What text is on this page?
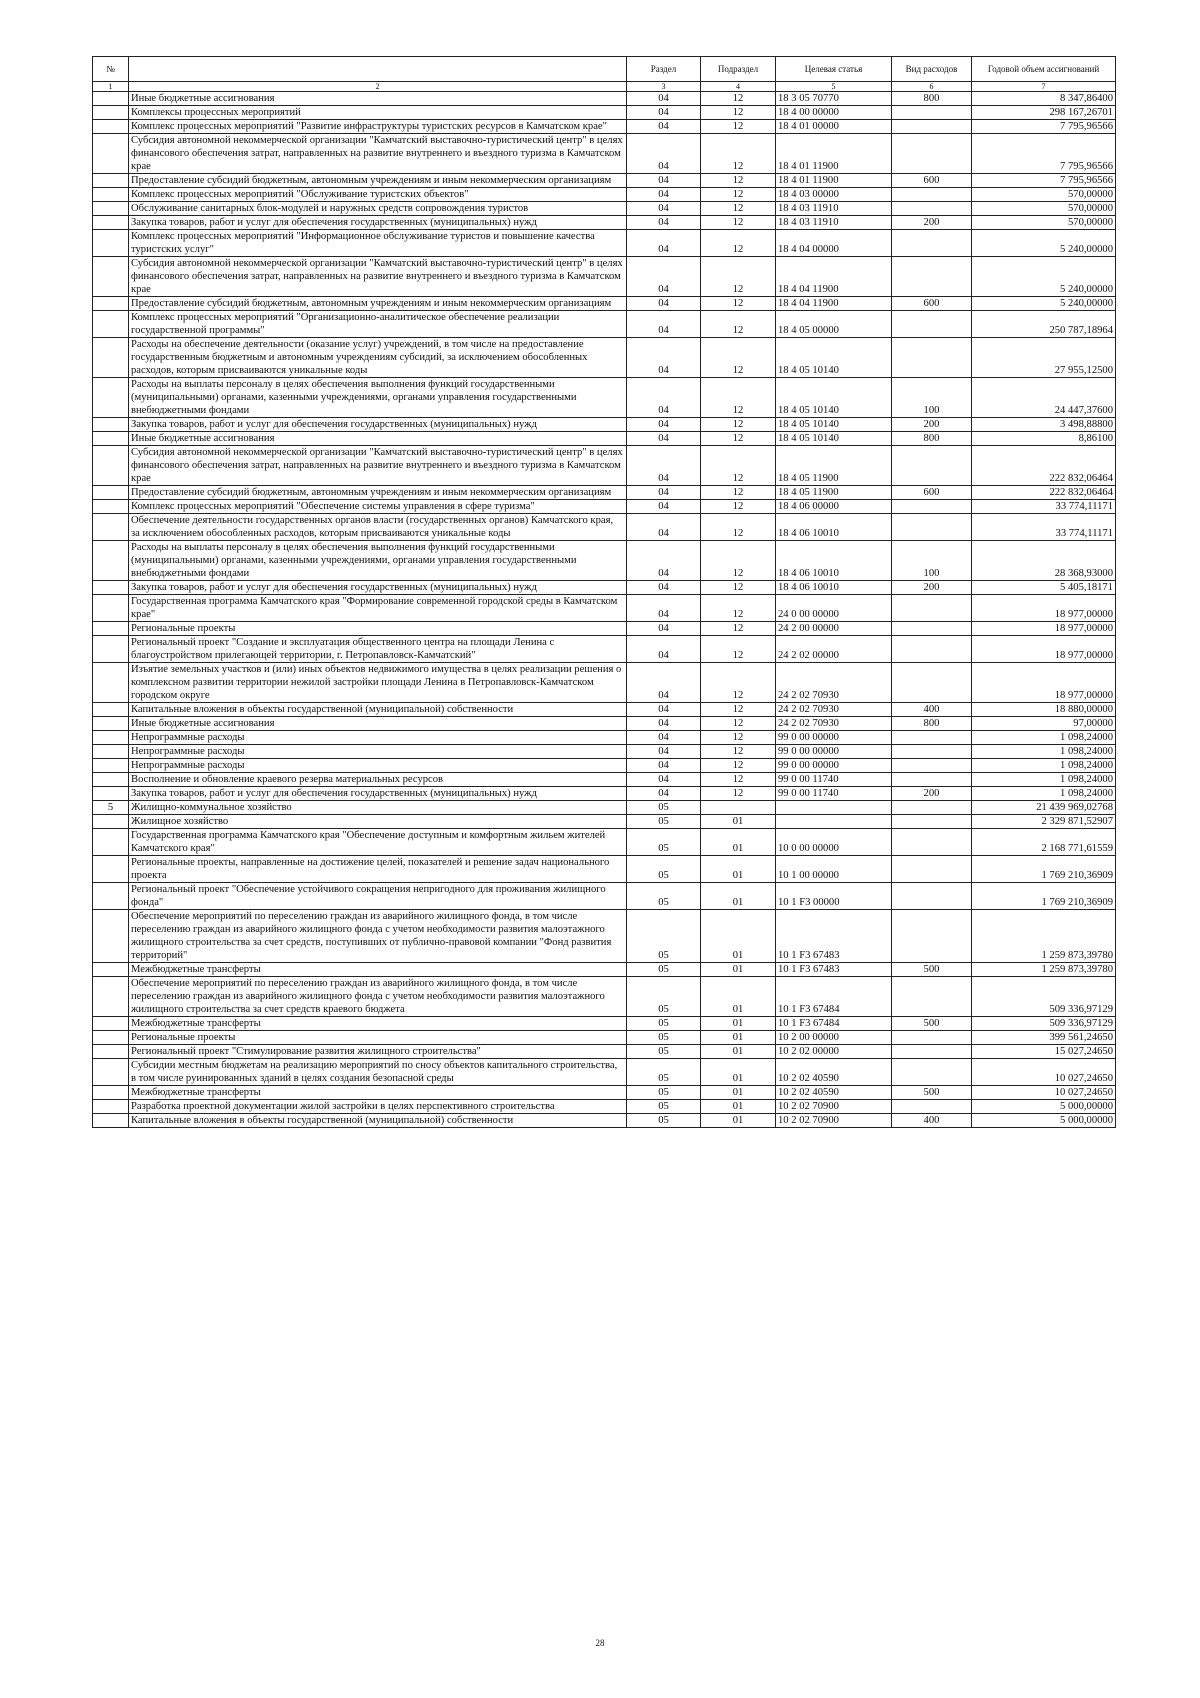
№		Раздел	Подраздел	Целевая статья	Вид расходов	Годовой объем ассигнований
1	2	3	4	5	6	7
	Иные бюджетные ассигнования	04	12	18 3 05 70770	800	8 347,86400
	Комплексы процессных мероприятий	04	12	18 4 00 00000		298 167,26701
	Комплекс процессных мероприятий "Развитие инфраструктуры туристских ресурсов в Камчатском крае"	04	12	18 4 01 00000		7 795,96566
	Субсидия автономной некоммерческой организации "Камчатский выставочно-туристический центр" в целях финансового обеспечения затрат, направленных на развитие внутреннего и въездного туризма в Камчатском крае	04	12	18 4 01 11900		7 795,96566
	Предоставление субсидий бюджетным, автономным учреждениям и иным некоммерческим организациям	04	12	18 4 01 11900	600	7 795,96566
	Комплекс процессных мероприятий "Обслуживание туристских объектов"	04	12	18 4 03 00000		570,00000
	Обслуживание санитарных блок-модулей и наружных средств сопровождения туристов	04	12	18 4 03 11910		570,00000
	Закупка товаров, работ и услуг для обеспечения государственных (муниципальных) нужд	04	12	18 4 03 11910	200	570,00000
	Комплекс процессных мероприятий "Информационное обслуживание туристов и повышение качества туристских услуг"	04	12	18 4 04 00000		5 240,00000
	Субсидия автономной некоммерческой организации "Камчатский выставочно-туристический центр" в целях финансового обеспечения затрат, направленных на развитие внутреннего и въездного туризма в Камчатском крае	04	12	18 4 04 11900		5 240,00000
	Предоставление субсидий бюджетным, автономным учреждениям и иным некоммерческим организациям	04	12	18 4 04 11900	600	5 240,00000
	Комплекс процессных мероприятий "Организационно-аналитическое обеспечение реализации государственной программы"	04	12	18 4 05 00000		250 787,18964
	Расходы на обеспечение деятельности (оказание услуг) учреждений, в том числе на предоставление государственным бюджетным и автономным учреждениям субсидий, за исключением обособленных расходов, которым присваиваются уникальные коды	04	12	18 4 05 10140		27 955,12500
	Расходы на выплаты персоналу в целях обеспечения выполнения функций государственными (муниципальными) органами, казенными учреждениями, органами управления государственными внебюджетными фондами	04	12	18 4 05 10140	100	24 447,37600
	Закупка товаров, работ и услуг для обеспечения государственных (муниципальных) нужд	04	12	18 4 05 10140	200	3 498,88800
	Иные бюджетные ассигнования	04	12	18 4 05 10140	800	8,86100
	Субсидия автономной некоммерческой организации "Камчатский выставочно-туристический центр" в целях финансового обеспечения затрат, направленных на развитие внутреннего и въездного туризма в Камчатском крае	04	12	18 4 05 11900		222 832,06464
	Предоставление субсидий бюджетным, автономным учреждениям и иным некоммерческим организациям	04	12	18 4 05 11900	600	222 832,06464
	Комплекс процессных мероприятий "Обеспечение системы управления в сфере туризма"	04	12	18 4 06 00000		33 774,11171
	Обеспечение деятельности государственных органов власти (государственных органов) Камчатского края, за исключением обособленных расходов, которым присваиваются уникальные коды	04	12	18 4 06 10010		33 774,11171
	Расходы на выплаты персоналу в целях обеспечения выполнения функций государственными (муниципальными) органами, казенными учреждениями, органами управления государственными внебюджетными фондами	04	12	18 4 06 10010	100	28 368,93000
	Закупка товаров, работ и услуг для обеспечения государственных (муниципальных) нужд	04	12	18 4 06 10010	200	5 405,18171
	Государственная программа Камчатского края "Формирование современной городской среды в Камчатском крае"	04	12	24 0 00 00000		18 977,00000
	Региональные проекты	04	12	24 2 00 00000		18 977,00000
	Региональный проект "Создание и эксплуатация общественного центра на площади Ленина с благоустройством прилегающей территории, г. Петропавловск-Камчатский"	04	12	24 2 02 00000		18 977,00000
	Изъятие земельных участков и (или) иных объектов недвижимого имущества в целях реализации решения о комплексном развитии территории нежилой застройки площади Ленина в Петропавловск-Камчатском городском округе	04	12	24 2 02 70930		18 977,00000
	Капитальные вложения в объекты государственной (муниципальной) собственности	04	12	24 2 02 70930	400	18 880,00000
	Иные бюджетные ассигнования	04	12	24 2 02 70930	800	97,00000
	Непрограммные расходы	04	12	99 0 00 00000		1 098,24000
	Непрограммные расходы	04	12	99 0 00 00000		1 098,24000
	Непрограммные расходы	04	12	99 0 00 00000		1 098,24000
	Восполнение и обновление краевого резерва материальных ресурсов	04	12	99 0 00 11740		1 098,24000
	Закупка товаров, работ и услуг для обеспечения государственных (муниципальных) нужд	04	12	99 0 00 11740	200	1 098,24000
5	Жилищно-коммунальное хозяйство	05				21 439 969,02768
	Жилищное хозяйство	05	01			2 329 871,52907
	Государственная программа Камчатского края "Обеспечение доступным и комфортным жильем жителей Камчатского края"	05	01	10 0 00 00000		2 168 771,61559
	Региональные проекты, направленные на достижение целей, показателей и решение задач национального проекта	05	01	10 1 00 00000		1 769 210,36909
	Региональный проект "Обеспечение устойчивого сокращения непригодного для проживания жилищного фонда"	05	01	10 1 F3 00000		1 769 210,36909
	Обеспечение мероприятий по переселению граждан из аварийного жилищного фонда, в том числе переселению граждан из аварийного жилищного фонда с учетом необходимости развития малоэтажного жилищного строительства за счет средств, поступивших от публично-правовой компании "Фонд развития территорий"	05	01	10 1 F3 67483		1 259 873,39780
	Межбюджетные трансферты	05	01	10 1 F3 67483	500	1 259 873,39780
	Обеспечение мероприятий по переселению граждан из аварийного жилищного фонда, в том числе переселению граждан из аварийного жилищного фонда с учетом необходимости развития малоэтажного жилищного строительства за счет средств краевого бюджета	05	01	10 1 F3 67484		509 336,97129
	Межбюджетные трансферты	05	01	10 1 F3 67484	500	509 336,97129
	Региональные проекты	05	01	10 2 00 00000		399 561,24650
	Региональный проект "Стимулирование развития жилищного строительства"	05	01	10 2 02 00000		15 027,24650
	Субсидии местным бюджетам на реализацию мероприятий по сносу объектов капитального строительства, в том числе руинированных зданий в целях создания безопасной среды	05	01	10 2 02 40590		10 027,24650
	Межбюджетные трансферты	05	01	10 2 02 40590	500	10 027,24650
	Разработка проектной документации жилой застройки в целях перспективного строительства	05	01	10 2 02 70900		5 000,00000
	Капитальные вложения в объекты государственной (муниципальной) собственности	05	01	10 2 02 70900	400	5 000,00000
28
